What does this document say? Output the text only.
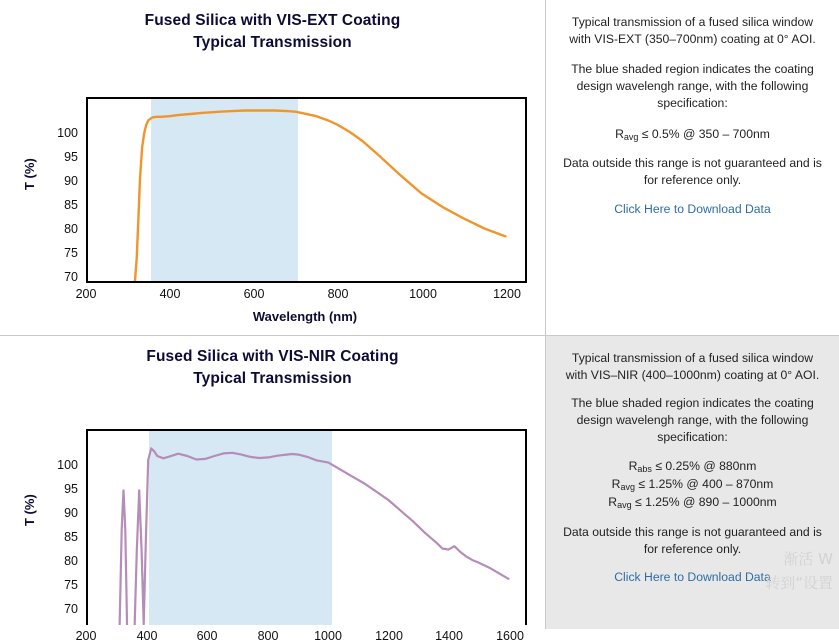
Fused Silica with VIS-EXT Coating
Typical Transmission
T (%)
100
95
90
85
80
75
70
200	400	600	800	1000	1200
Wavelength (nm)

Typical transmission of a fused silica window with VIS-EXT (350–700nm) coating at 0° AOI.

The blue shaded region indicates the coating design wavelengh range, with the following specification:

$R_{avg} \le 0.5\%$ @ 350 – 700nm

Data outside this range is not guaranteed and is for reference only.

Click Here to Download Data
Fused Silica with VIS-NIR Coating
Typical Transmission
T (%)
100
95
90
85
80
75
70
200	400	600	800	1000	1200	1400	1600

Typical transmission of a fused silica window with VIS–NIR (400–1000nm) coating at 0° AOI.

The blue shaded region indicates the coating design wavelengh range, with the following specification:

$R_{abs} \le 0.25\%$ @ 880nm
$R_{avg} \le 1.25\%$ @ 400 – 870nm
$R_{avg} \le 1.25\%$ @ 890 – 1000nm

Data outside this range is not guaranteed and is for reference only.

Click Here to Download Data
渐活 W
转到“设置
